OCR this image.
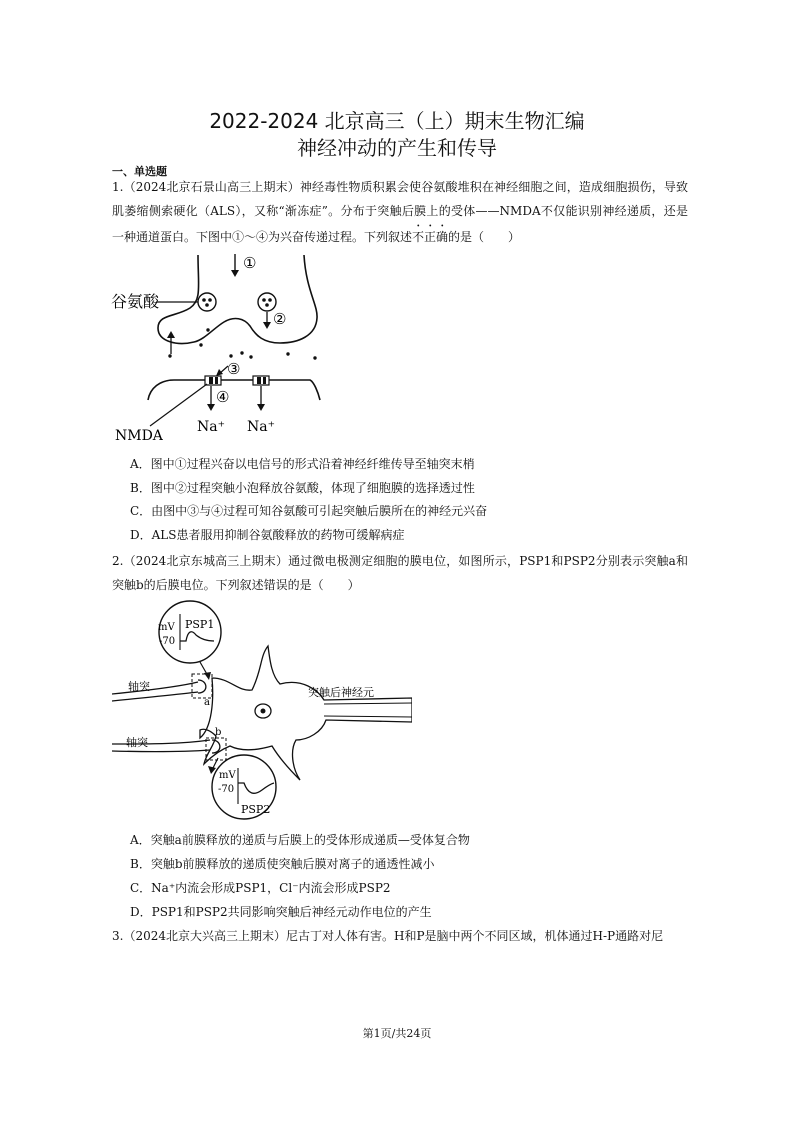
2022-2024 北京高三（上）期末生物汇编
神经冲动的产生和传导
一、单选题
1.（2024北京石景山高三上期末）神经毒性物质积累会使谷氨酸堆积在神经细胞之间，造成细胞损伤，导致肌萎缩侧索硬化（ALS），又称“渐冻症”。分布于突触后膜上的受体——NMDA不仅能识别神经递质，还是一种通道蛋白。下图中①～④为兴奋传递过程。下列叙述不正确的是（　　）
①
谷氨酸
②
③
④
Na⁺ Na⁺
NMDA
A．图中①过程兴奋以电信号的形式沿着神经纤维传导至轴突末梢
B．图中②过程突触小泡释放谷氨酸，体现了细胞膜的选择透过性
C．由图中③与④过程可知谷氨酸可引起突触后膜所在的神经元兴奋
D．ALS患者服用抑制谷氨酸释放的药物可缓解病症
2.（2024北京东城高三上期末）通过微电极测定细胞的膜电位，如图所示，PSP1和PSP2分别表示突触a和突触b的后膜电位。下列叙述错误的是（　　）
mV
-70
PSP1
轴突
a
突触后神经元
轴突
b
mV
-70
PSP2
A．突触a前膜释放的递质与后膜上的受体形成递质—受体复合物
B．突触b前膜释放的递质使突触后膜对离子的通透性减小
C．Na⁺内流会形成PSP1，Cl⁻内流会形成PSP2
D．PSP1和PSP2共同影响突触后神经元动作电位的产生
3.（2024北京大兴高三上期末）尼古丁对人体有害。H和P是脑中两个不同区域，机体通过H-P通路对尼
第1页/共24页
